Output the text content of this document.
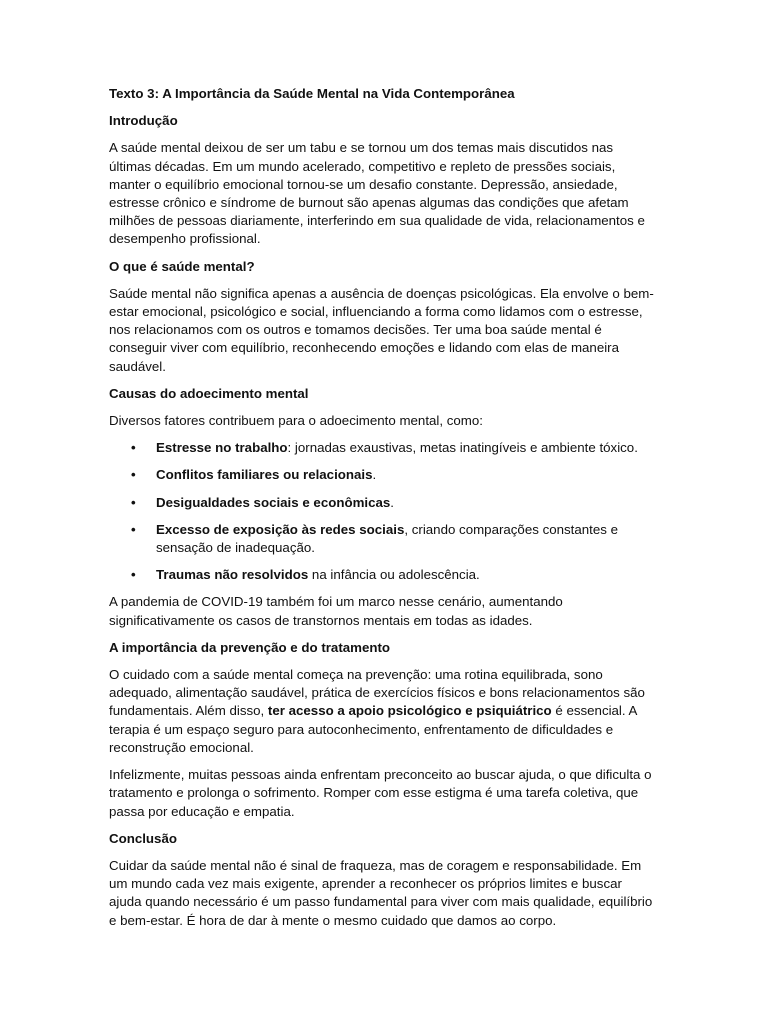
Texto 3: A Importância da Saúde Mental na Vida Contemporânea
Introdução

A saúde mental deixou de ser um tabu e se tornou um dos temas mais discutidos nas últimas décadas. Em um mundo acelerado, competitivo e repleto de pressões sociais, manter o equilíbrio emocional tornou-se um desafio constante. Depressão, ansiedade, estresse crônico e síndrome de burnout são apenas algumas das condições que afetam milhões de pessoas diariamente, interferindo em sua qualidade de vida, relacionamentos e desempenho profissional.

O que é saúde mental?

Saúde mental não significa apenas a ausência de doenças psicológicas. Ela envolve o bem-estar emocional, psicológico e social, influenciando a forma como lidamos com o estresse, nos relacionamos com os outros e tomamos decisões. Ter uma boa saúde mental é conseguir viver com equilíbrio, reconhecendo emoções e lidando com elas de maneira saudável.

Causas do adoecimento mental

Diversos fatores contribuem para o adoecimento mental, como:

• Estresse no trabalho: jornadas exaustivas, metas inatingíveis e ambiente tóxico.
• Conflitos familiares ou relacionais.
• Desigualdades sociais e econômicas.
• Excesso de exposição às redes sociais, criando comparações constantes e sensação de inadequação.
• Traumas não resolvidos na infância ou adolescência.

A pandemia de COVID-19 também foi um marco nesse cenário, aumentando significativamente os casos de transtornos mentais em todas as idades.

A importância da prevenção e do tratamento

O cuidado com a saúde mental começa na prevenção: uma rotina equilibrada, sono adequado, alimentação saudável, prática de exercícios físicos e bons relacionamentos são fundamentais. Além disso, ter acesso a apoio psicológico e psiquiátrico é essencial. A terapia é um espaço seguro para autoconhecimento, enfrentamento de dificuldades e reconstrução emocional.

Infelizmente, muitas pessoas ainda enfrentam preconceito ao buscar ajuda, o que dificulta o tratamento e prolonga o sofrimento. Romper com esse estigma é uma tarefa coletiva, que passa por educação e empatia.

Conclusão

Cuidar da saúde mental não é sinal de fraqueza, mas de coragem e responsabilidade. Em um mundo cada vez mais exigente, aprender a reconhecer os próprios limites e buscar ajuda quando necessário é um passo fundamental para viver com mais qualidade, equilíbrio e bem-estar. É hora de dar à mente o mesmo cuidado que damos ao corpo.
